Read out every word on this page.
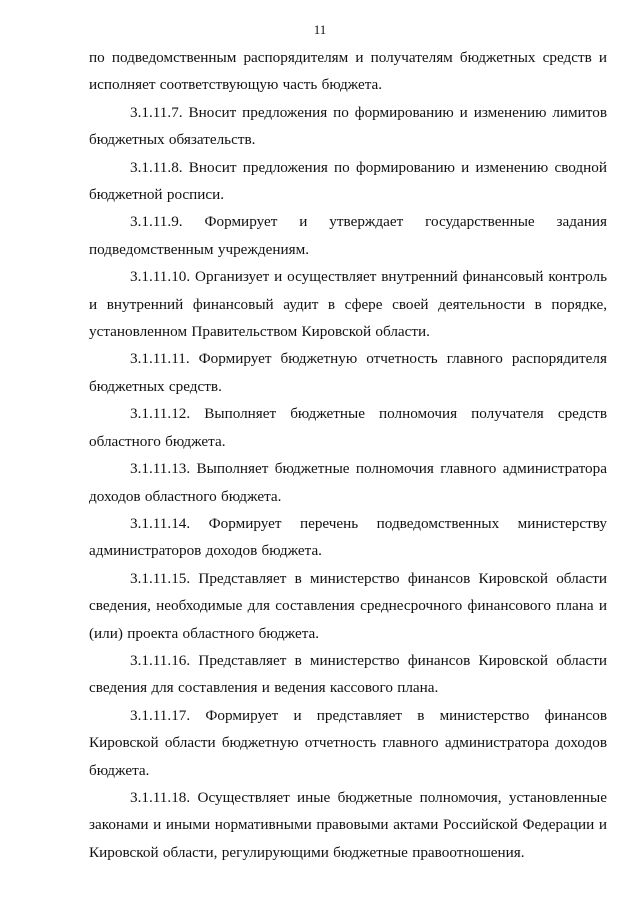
11

по подведомственным распорядителям и получателям бюджетных средств и исполняет соответствующую часть бюджета.

3.1.11.7. Вносит предложения по формированию и изменению лимитов бюджетных обязательств.

3.1.11.8. Вносит предложения по формированию и изменению сводной бюджетной росписи.

3.1.11.9. Формирует и утверждает государственные задания подведомственным учреждениям.

3.1.11.10. Организует и осуществляет внутренний финансовый контроль и внутренний финансовый аудит в сфере своей деятельности в порядке, установленном Правительством Кировской области.

3.1.11.11. Формирует бюджетную отчетность главного распорядителя бюджетных средств.

3.1.11.12. Выполняет бюджетные полномочия получателя средств областного бюджета.

3.1.11.13. Выполняет бюджетные полномочия главного администратора доходов областного бюджета.

3.1.11.14. Формирует перечень подведомственных министерству администраторов доходов бюджета.

3.1.11.15. Представляет в министерство финансов Кировской области сведения, необходимые для составления среднесрочного финансового плана и (или) проекта областного бюджета.

3.1.11.16. Представляет в министерство финансов Кировской области сведения для составления и ведения кассового плана.

3.1.11.17. Формирует и представляет в министерство финансов Кировской области бюджетную отчетность главного администратора доходов бюджета.

3.1.11.18. Осуществляет иные бюджетные полномочия, установленные законами и иными нормативными правовыми актами Российской Федерации и Кировской области, регулирующими бюджетные правоотношения.
